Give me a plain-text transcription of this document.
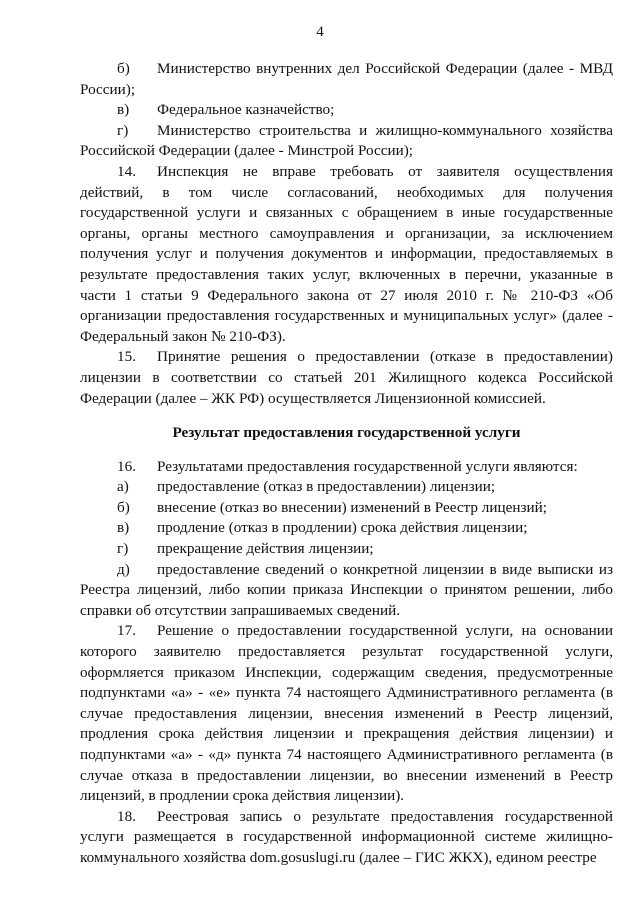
4

б) Министерство внутренних дел Российской Федерации (далее - МВД России);

в) Федеральное казначейство;

г) Министерство строительства и жилищно-коммунального хозяйства Российской Федерации (далее - Минстрой России);

14. Инспекция не вправе требовать от заявителя осуществления действий, в том числе согласований, необходимых для получения государственной услуги и связанных с обращением в иные государственные органы, органы местного самоуправления и организации, за исключением получения услуг и получения документов и информации, предоставляемых в результате предоставления таких услуг, включенных в перечни, указанные в части 1 статьи 9 Федерального закона от 27 июля 2010 г. № 210-ФЗ «Об организации предоставления государственных и муниципальных услуг» (далее - Федеральный закон № 210-ФЗ).

15. Принятие решения о предоставлении (отказе в предоставлении) лицензии в соответствии со статьей 201 Жилищного кодекса Российской Федерации (далее – ЖК РФ) осуществляется Лицензионной комиссией.

Результат предоставления государственной услуги

16. Результатами предоставления государственной услуги являются:

а) предоставление (отказ в предоставлении) лицензии;

б) внесение (отказ во внесении) изменений в Реестр лицензий;

в) продление (отказ в продлении) срока действия лицензии;

г) прекращение действия лицензии;

д) предоставление сведений о конкретной лицензии в виде выписки из Реестра лицензий, либо копии приказа Инспекции о принятом решении, либо справки об отсутствии запрашиваемых сведений.

17. Решение о предоставлении государственной услуги, на основании которого заявителю предоставляется результат государственной услуги, оформляется приказом Инспекции, содержащим сведения, предусмотренные подпунктами «а» - «е» пункта 74 настоящего Административного регламента (в случае предоставления лицензии, внесения изменений в Реестр лицензий, продления срока действия лицензии и прекращения действия лицензии) и подпунктами «а» - «д» пункта 74 настоящего Административного регламента (в случае отказа в предоставлении лицензии, во внесении изменений в Реестр лицензий, в продлении срока действия лицензии).

18. Реестровая запись о результате предоставления государственной услуги размещается в государственной информационной системе жилищно-коммунального хозяйства dom.gosuslugi.ru (далее – ГИС ЖКХ), едином реестре
